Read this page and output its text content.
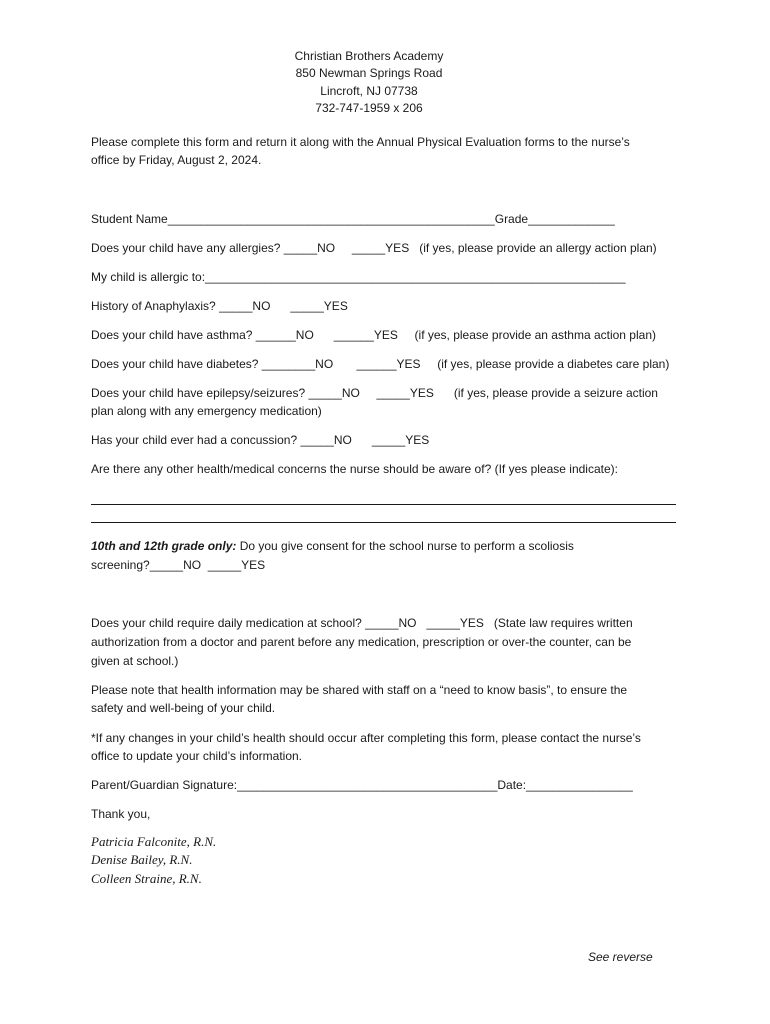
Christian Brothers Academy
850 Newman Springs Road
Lincroft, NJ 07738
732-747-1959 x 206
Please complete this form and return it along with the Annual Physical Evaluation forms to the nurse’s
office by Friday, August 2, 2024.
Student Name_________________________________________________Grade_____________
Does your child have any allergies? _____NO     _____YES   (if yes, please provide an allergy action plan)
My child is allergic to:_______________________________________________________________
History of Anaphylaxis? _____NO      _____YES
Does your child have asthma? ______NO      ______YES     (if yes, please provide an asthma action plan)
Does your child have diabetes? ________NO       ______YES     (if yes, please provide a diabetes care plan)
Does your child have epilepsy/seizures? _____NO     _____YES      (if yes, please provide a seizure action
plan along with any emergency medication)
Has your child ever had a concussion? _____NO      _____YES
Are there any other health/medical concerns the nurse should be aware of? (If yes please indicate):
10th and 12th grade only: Do you give consent for the school nurse to perform a scoliosis
screening?_____NO  _____YES
Does your child require daily medication at school? _____NO   _____YES   (State law requires written
authorization from a doctor and parent before any medication, prescription or over-the counter, can be
given at school.)
Please note that health information may be shared with staff on a “need to know basis”, to ensure the
safety and well-being of your child.
*If any changes in your child’s health should occur after completing this form, please contact the nurse’s
office to update your child’s information.
Parent/Guardian Signature:_______________________________________Date:________________
Thank you,
Patricia Falconite, R.N.
Denise Bailey, R.N.
Colleen Straine, R.N.
See reverse
